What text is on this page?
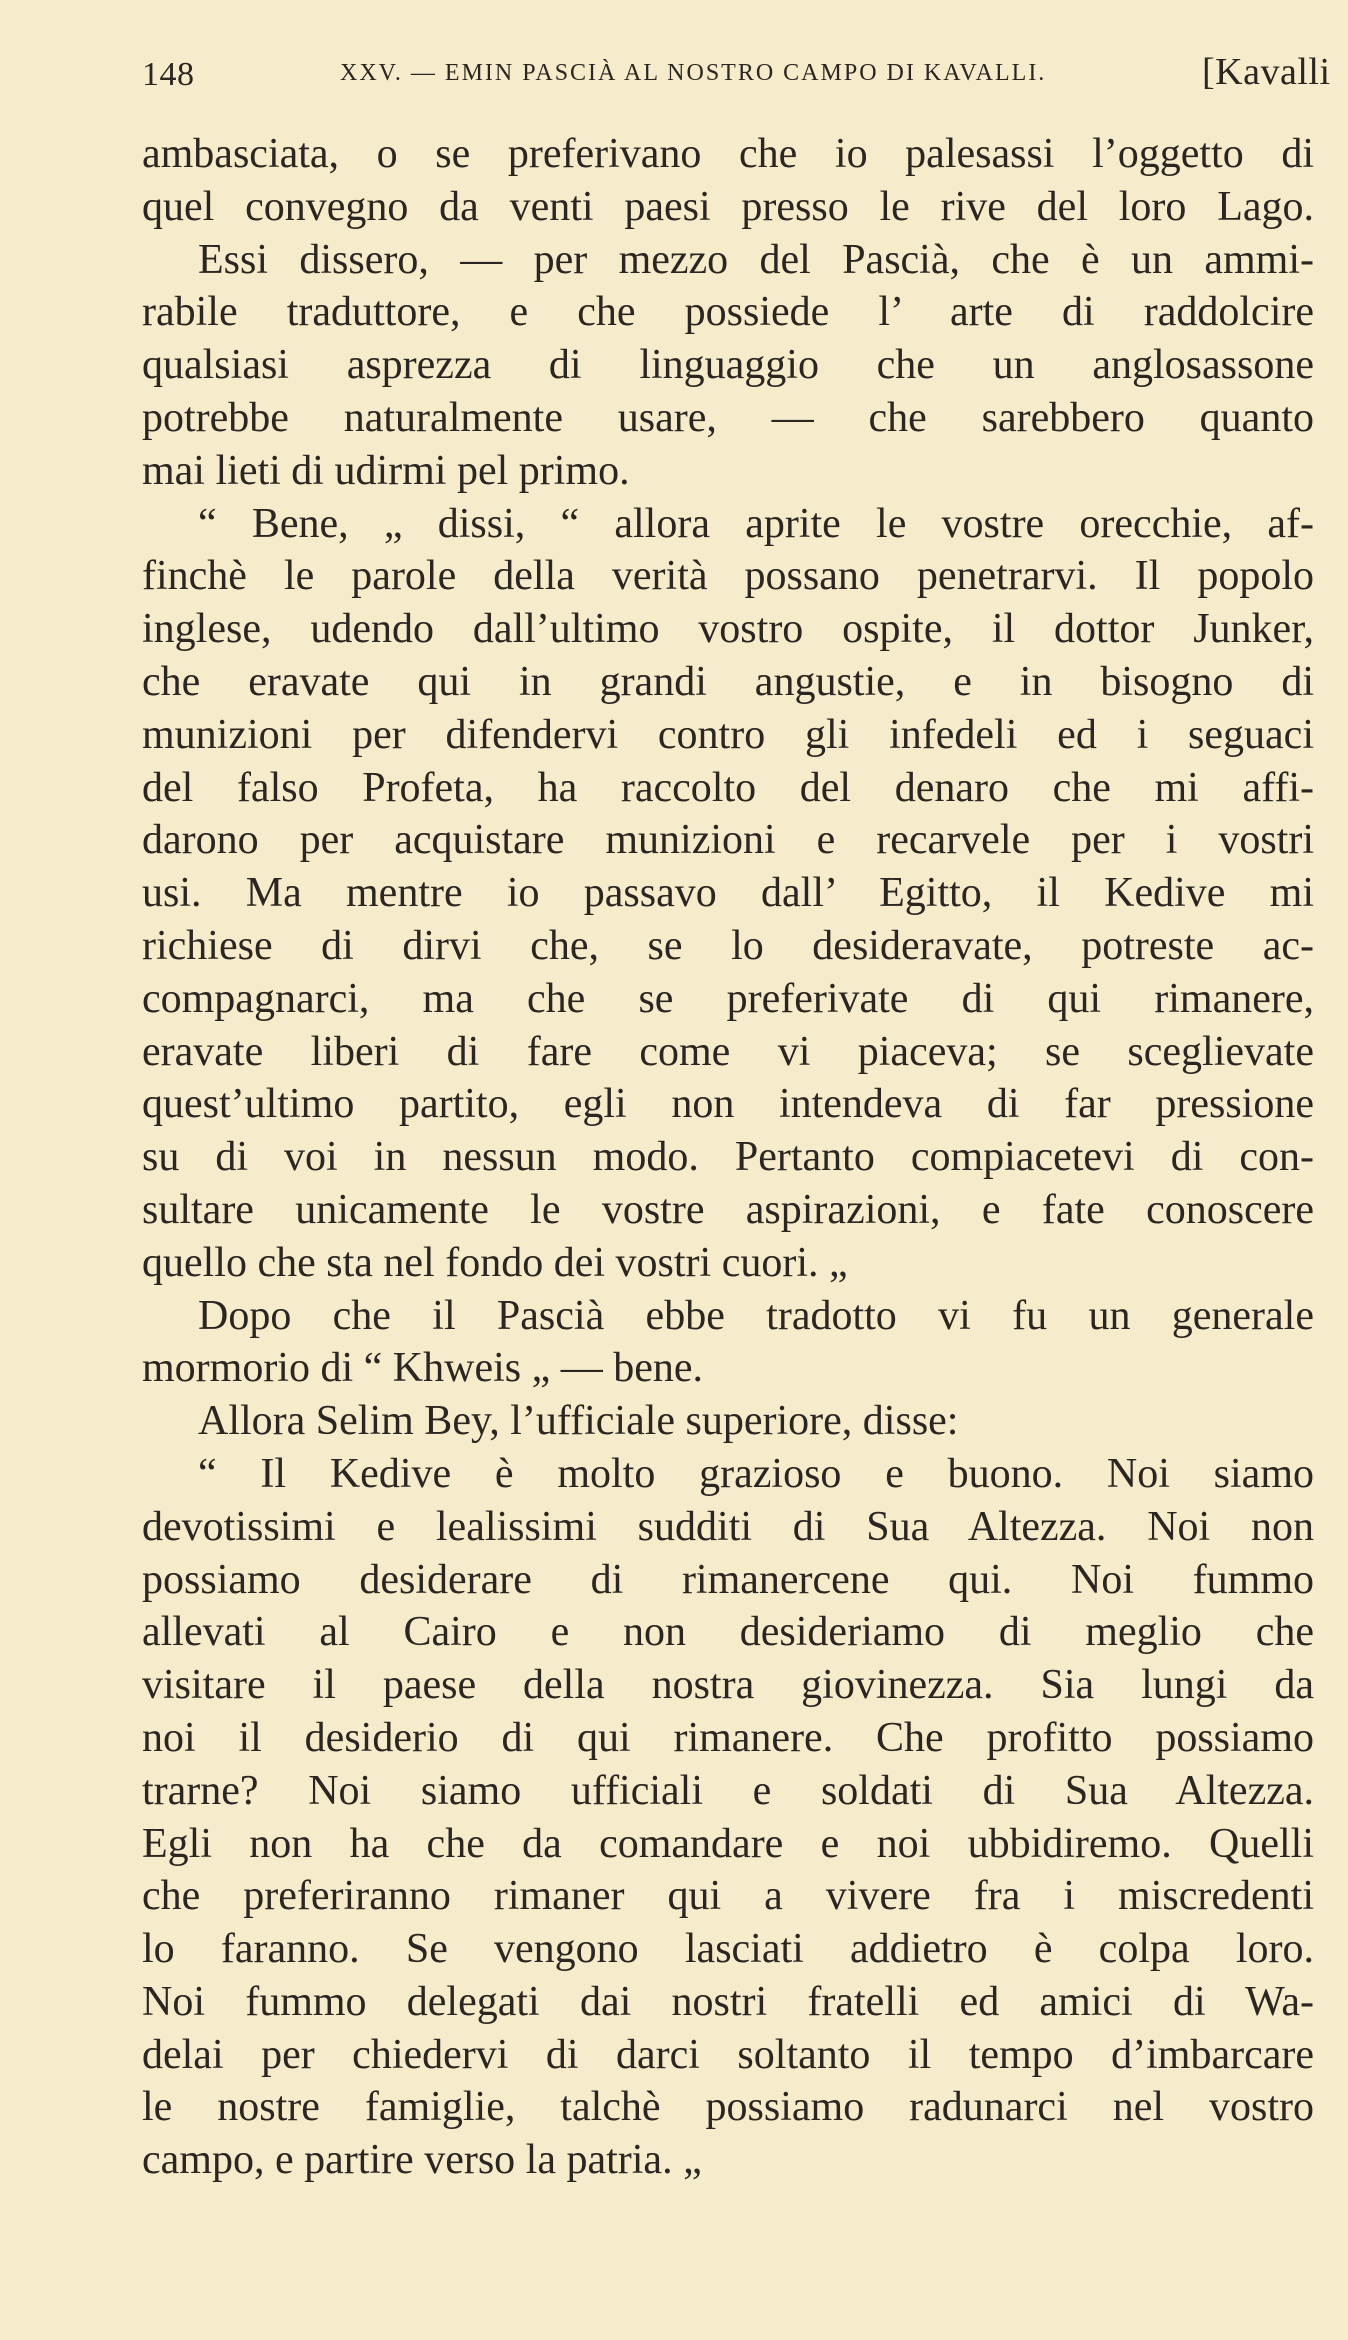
148	XXV. — EMIN PASCIÀ AL NOSTRO CAMPO DI KAVALLI.	[Kavalli
ambasciata, o se preferivano che io palesassi l’oggetto di
quel convegno da venti paesi presso le rive del loro Lago.
Essi dissero, — per mezzo del Pascià, che è un ammi-
rabile traduttore, e che possiede l’ arte di raddolcire
qualsiasi asprezza di linguaggio che un anglosassone
potrebbe naturalmente usare, — che sarebbero quanto
mai lieti di udirmi pel primo.
“ Bene, „ dissi, “ allora aprite le vostre orecchie, af-
finchè le parole della verità possano penetrarvi. Il popolo
inglese, udendo dall’ultimo vostro ospite, il dottor Junker,
che eravate qui in grandi angustie, e in bisogno di
munizioni per difendervi contro gli infedeli ed i seguaci
del falso Profeta, ha raccolto del denaro che mi affi-
darono per acquistare munizioni e recarvele per i vostri
usi. Ma mentre io passavo dall’ Egitto, il Kedive mi
richiese di dirvi che, se lo desideravate, potreste ac-
compagnarci, ma che se preferivate di qui rimanere,
eravate liberi di fare come vi piaceva; se sceglievate
quest’ultimo partito, egli non intendeva di far pressione
su di voi in nessun modo. Pertanto compiacetevi di con-
sultare unicamente le vostre aspirazioni, e fate conoscere
quello che sta nel fondo dei vostri cuori. „
Dopo che il Pascià ebbe tradotto vi fu un generale
mormorio di “ Khweis „ — bene.
Allora Selim Bey, l’ufficiale superiore, disse:
“ Il Kedive è molto grazioso e buono. Noi siamo
devotissimi e lealissimi sudditi di Sua Altezza. Noi non
possiamo desiderare di rimanercene qui. Noi fummo
allevati al Cairo e non desideriamo di meglio che
visitare il paese della nostra giovinezza. Sia lungi da
noi il desiderio di qui rimanere. Che profitto possiamo
trarne? Noi siamo ufficiali e soldati di Sua Altezza.
Egli non ha che da comandare e noi ubbidiremo. Quelli
che preferiranno rimaner qui a vivere fra i miscredenti
lo faranno. Se vengono lasciati addietro è colpa loro.
Noi fummo delegati dai nostri fratelli ed amici di Wa-
delai per chiedervi di darci soltanto il tempo d’imbarcare
le nostre famiglie, talchè possiamo radunarci nel vostro
campo, e partire verso la patria. „
